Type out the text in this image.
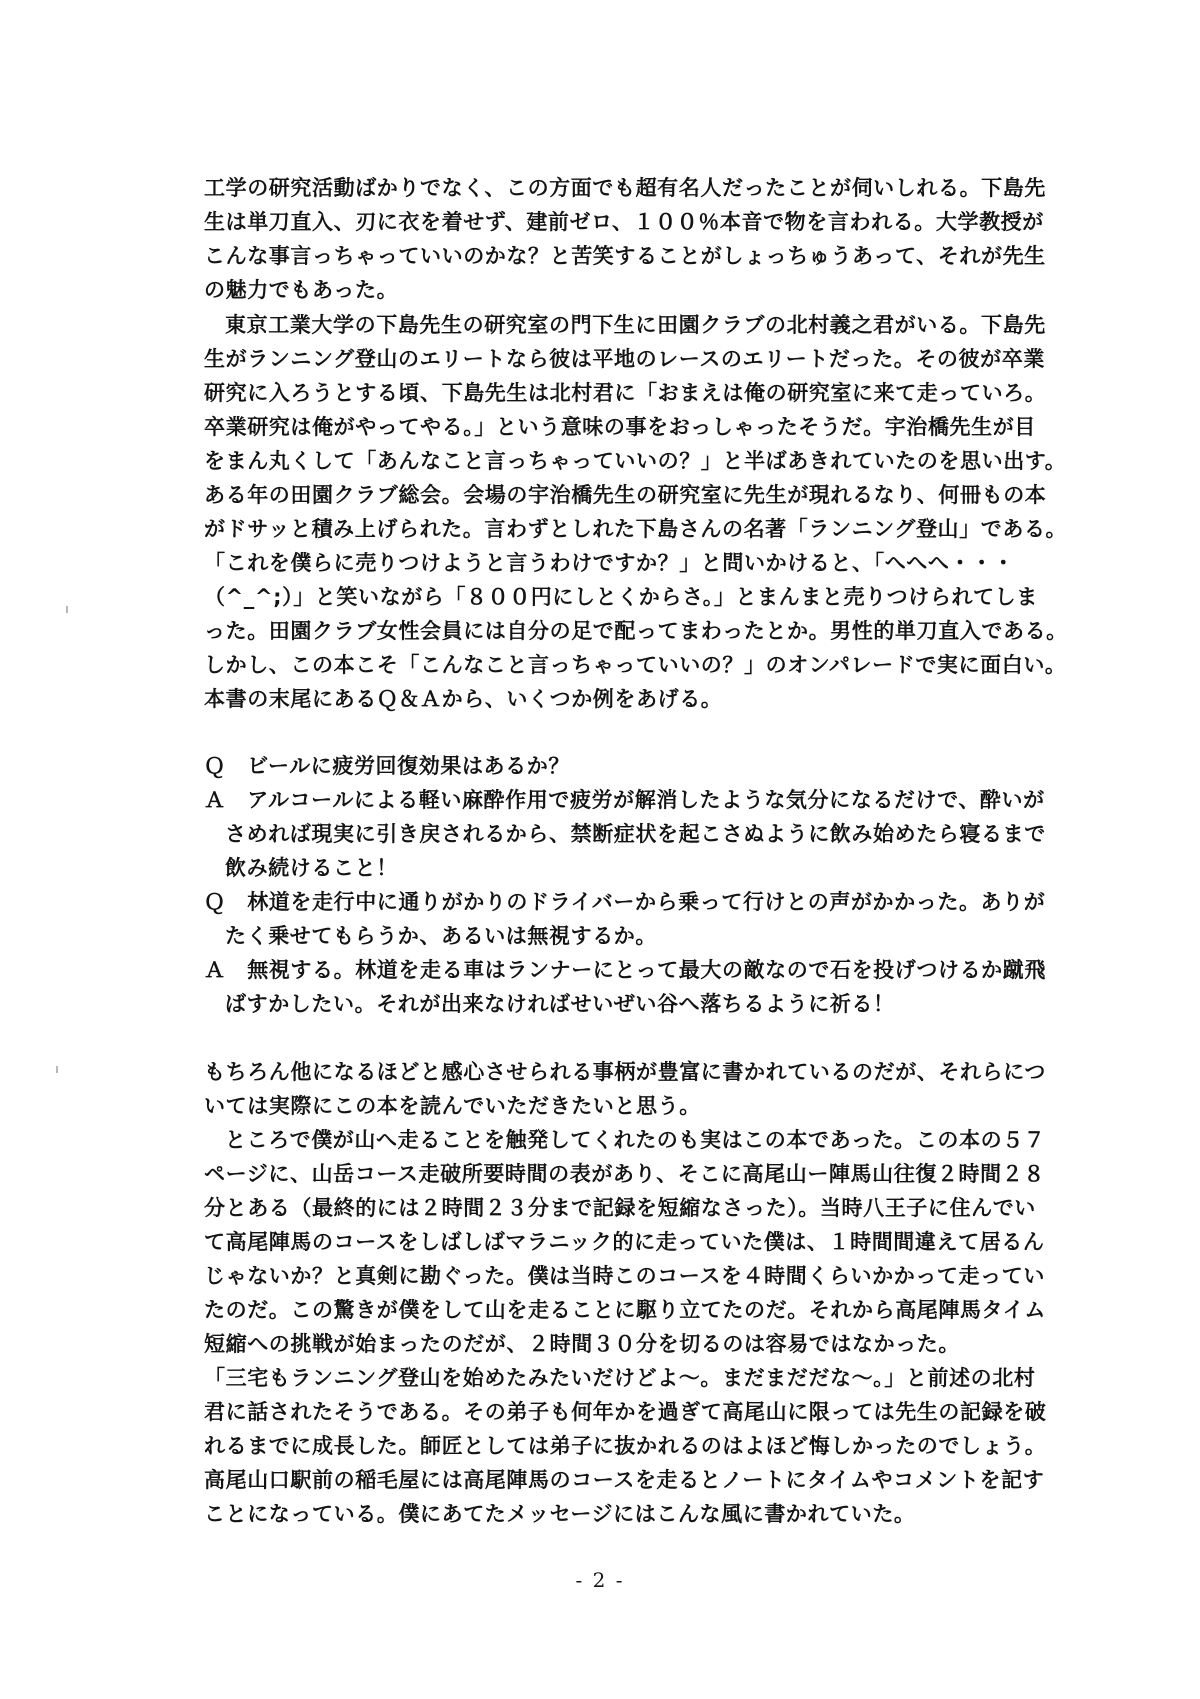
工学の研究活動ばかりでなく、この方面でも超有名人だったことが伺いしれる。下島先
生は単刀直入、刃に衣を着せず、建前ゼロ、１００％本音で物を言われる。大学教授が
こんな事言っちゃっていいのかな？と苦笑することがしょっちゅうあって、それが先生
の魅力でもあった。
東京工業大学の下島先生の研究室の門下生に田園クラブの北村義之君がいる。下島先
生がランニング登山のエリートなら彼は平地のレースのエリートだった。その彼が卒業
研究に入ろうとする頃、下島先生は北村君に「おまえは俺の研究室に来て走っていろ。
卒業研究は俺がやってやる。」という意味の事をおっしゃったそうだ。宇治橋先生が目
をまん丸くして「あんなこと言っちゃっていいの？」と半ばあきれていたのを思い出す。
ある年の田園クラブ総会。会場の宇治橋先生の研究室に先生が現れるなり、何冊もの本
がドサッと積み上げられた。言わずとしれた下島さんの名著「ランニング登山」である。
「これを僕らに売りつけようと言うわけですか？」と問いかけると、「へへへ・・・
（^_^;）」と笑いながら「８００円にしとくからさ。」とまんまと売りつけられてしま
った。田園クラブ女性会員には自分の足で配ってまわったとか。男性的単刀直入である。
しかし、この本こそ「こんなこと言っちゃっていいの？」のオンパレードで実に面白い。
本書の末尾にあるＱ＆Ａから、いくつか例をあげる。
Ｑ　ビールに疲労回復効果はあるか？
Ａ　アルコールによる軽い麻酔作用で疲労が解消したような気分になるだけで、酔いが
さめれば現実に引き戻されるから、禁断症状を起こさぬように飲み始めたら寝るまで
飲み続けること！
Ｑ　林道を走行中に通りがかりのドライバーから乗って行けとの声がかかった。ありが
たく乗せてもらうか、あるいは無視するか。
Ａ　無視する。林道を走る車はランナーにとって最大の敵なので石を投げつけるか蹴飛
ばすかしたい。それが出来なければせいぜい谷へ落ちるように祈る！
もちろん他になるほどと感心させられる事柄が豊富に書かれているのだが、それらにつ
いては実際にこの本を読んでいただきたいと思う。
ところで僕が山へ走ることを触発してくれたのも実はこの本であった。この本の５７
ページに、山岳コース走破所要時間の表があり、そこに高尾山ー陣馬山往復２時間２８
分とある（最終的には２時間２３分まで記録を短縮なさった）。当時八王子に住んでい
て高尾陣馬のコースをしばしばマラニック的に走っていた僕は、１時間間違えて居るん
じゃないか？と真剣に勘ぐった。僕は当時このコースを４時間くらいかかって走ってい
たのだ。この驚きが僕をして山を走ることに駆り立てたのだ。それから高尾陣馬タイム
短縮への挑戦が始まったのだが、２時間３０分を切るのは容易ではなかった。
「三宅もランニング登山を始めたみたいだけどよ～。まだまだだな～。」と前述の北村
君に話されたそうである。その弟子も何年かを過ぎて高尾山に限っては先生の記録を破
れるまでに成長した。師匠としては弟子に抜かれるのはよほど悔しかったのでしょう。
高尾山口駅前の稲毛屋には高尾陣馬のコースを走るとノートにタイムやコメントを記す
ことになっている。僕にあてたメッセージにはこんな風に書かれていた。
- 2 -
